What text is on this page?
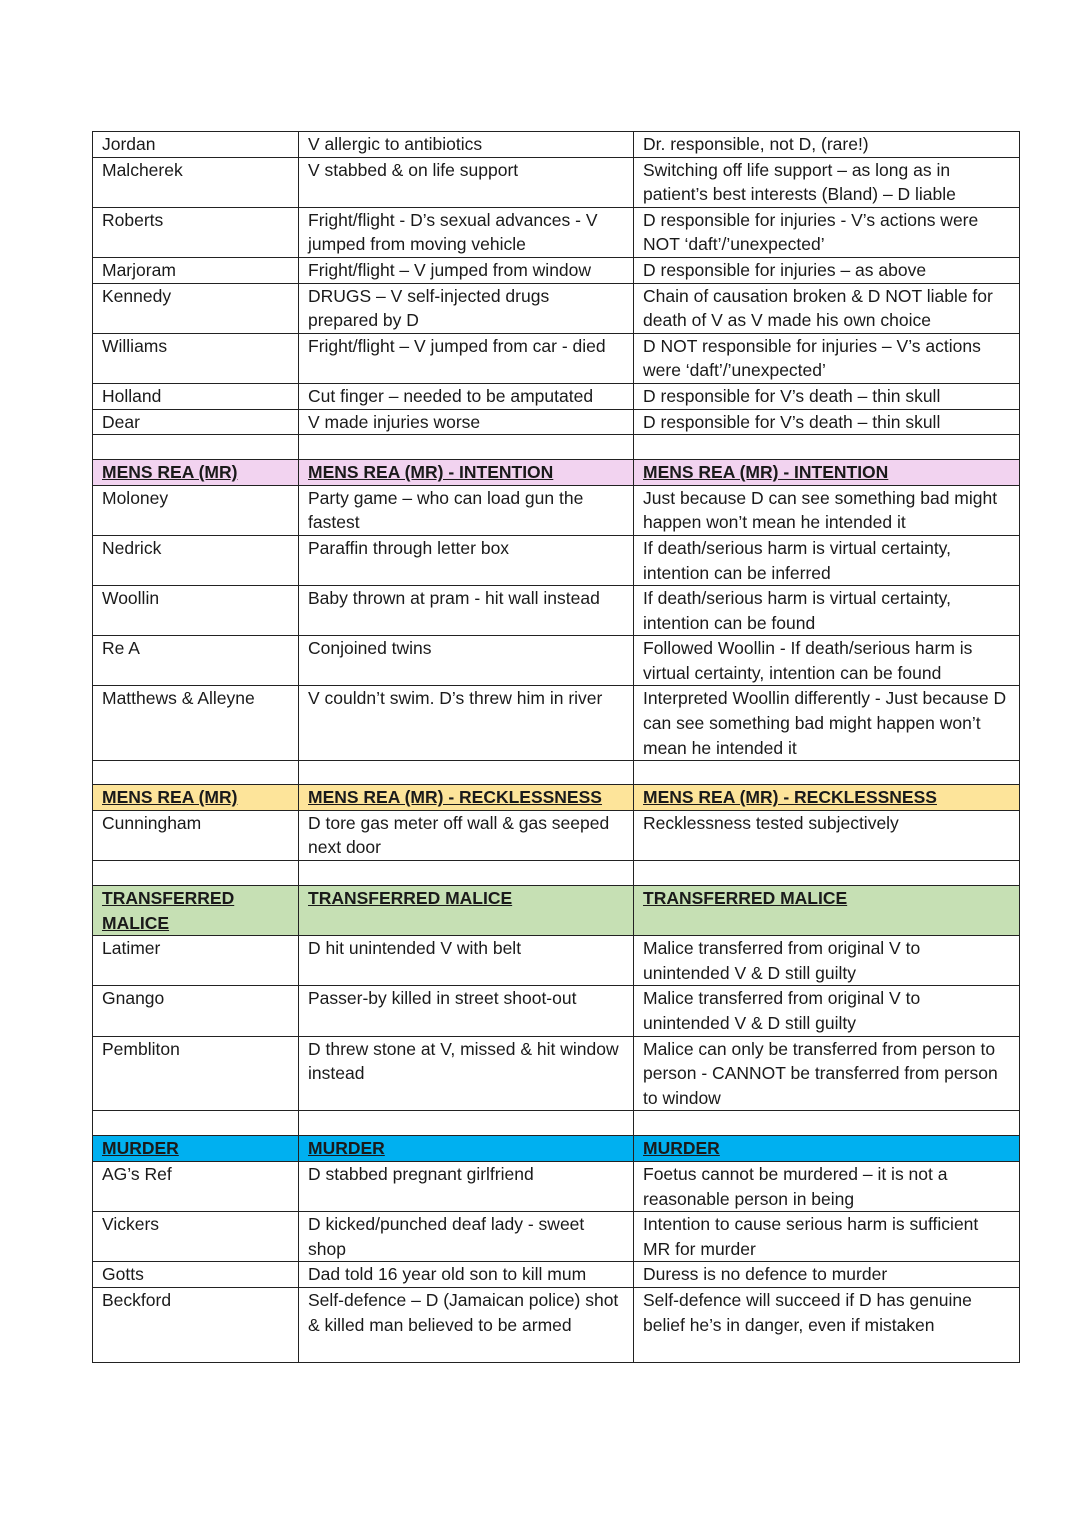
Jordan	V allergic to antibiotics	Dr. responsible, not D, (rare!)
Malcherek	V stabbed & on life support	Switching off life support – as long as in patient’s best interests (Bland) – D liable
Roberts	Fright/flight - D’s sexual advances - V jumped from moving vehicle	D responsible for injuries - V’s actions were NOT ‘daft’/’unexpected’
Marjoram	Fright/flight – V jumped from window	D responsible for injuries – as above
Kennedy	DRUGS – V self-injected drugs prepared by D	Chain of causation broken & D NOT liable for death of V as V made his own choice
Williams	Fright/flight – V jumped from car - died	D NOT responsible for injuries – V’s actions were ‘daft’/’unexpected’
Holland	Cut finger – needed to be amputated	D responsible for V’s death – thin skull
Dear	V made injuries worse	D responsible for V’s death – thin skull

MENS REA (MR)	MENS REA (MR) - INTENTION	MENS REA (MR) - INTENTION
Moloney	Party game – who can load gun the fastest	Just because D can see something bad might happen won’t mean he intended it
Nedrick	Paraffin through letter box	If death/serious harm is virtual certainty, intention can be inferred
Woollin	Baby thrown at pram - hit wall instead	If death/serious harm is virtual certainty, intention can be found
Re A	Conjoined twins	Followed Woollin - If death/serious harm is virtual certainty, intention can be found
Matthews & Alleyne	V couldn’t swim. D’s threw him in river	Interpreted Woollin differently - Just because D can see something bad might happen won’t mean he intended it

MENS REA (MR)	MENS REA (MR) - RECKLESSNESS	MENS REA (MR) - RECKLESSNESS
Cunningham	D tore gas meter off wall & gas seeped next door	Recklessness tested subjectively

TRANSFERRED MALICE	TRANSFERRED MALICE	TRANSFERRED MALICE
Latimer	D hit unintended V with belt	Malice transferred from original V to unintended V & D still guilty
Gnango	Passer-by killed in street shoot-out	Malice transferred from original V to unintended V & D still guilty
Pembliton	D threw stone at V, missed & hit window instead	Malice can only be transferred from person to person - CANNOT be transferred from person to window

MURDER	MURDER	MURDER
AG’s Ref	D stabbed pregnant girlfriend	Foetus cannot be murdered – it is not a reasonable person in being
Vickers	D kicked/punched deaf lady - sweet shop	Intention to cause serious harm is sufficient MR for murder
Gotts	Dad told 16 year old son to kill mum	Duress is no defence to murder
Beckford	Self-defence – D (Jamaican police) shot & killed man believed to be armed	Self-defence will succeed if D has genuine belief he’s in danger, even if mistaken
